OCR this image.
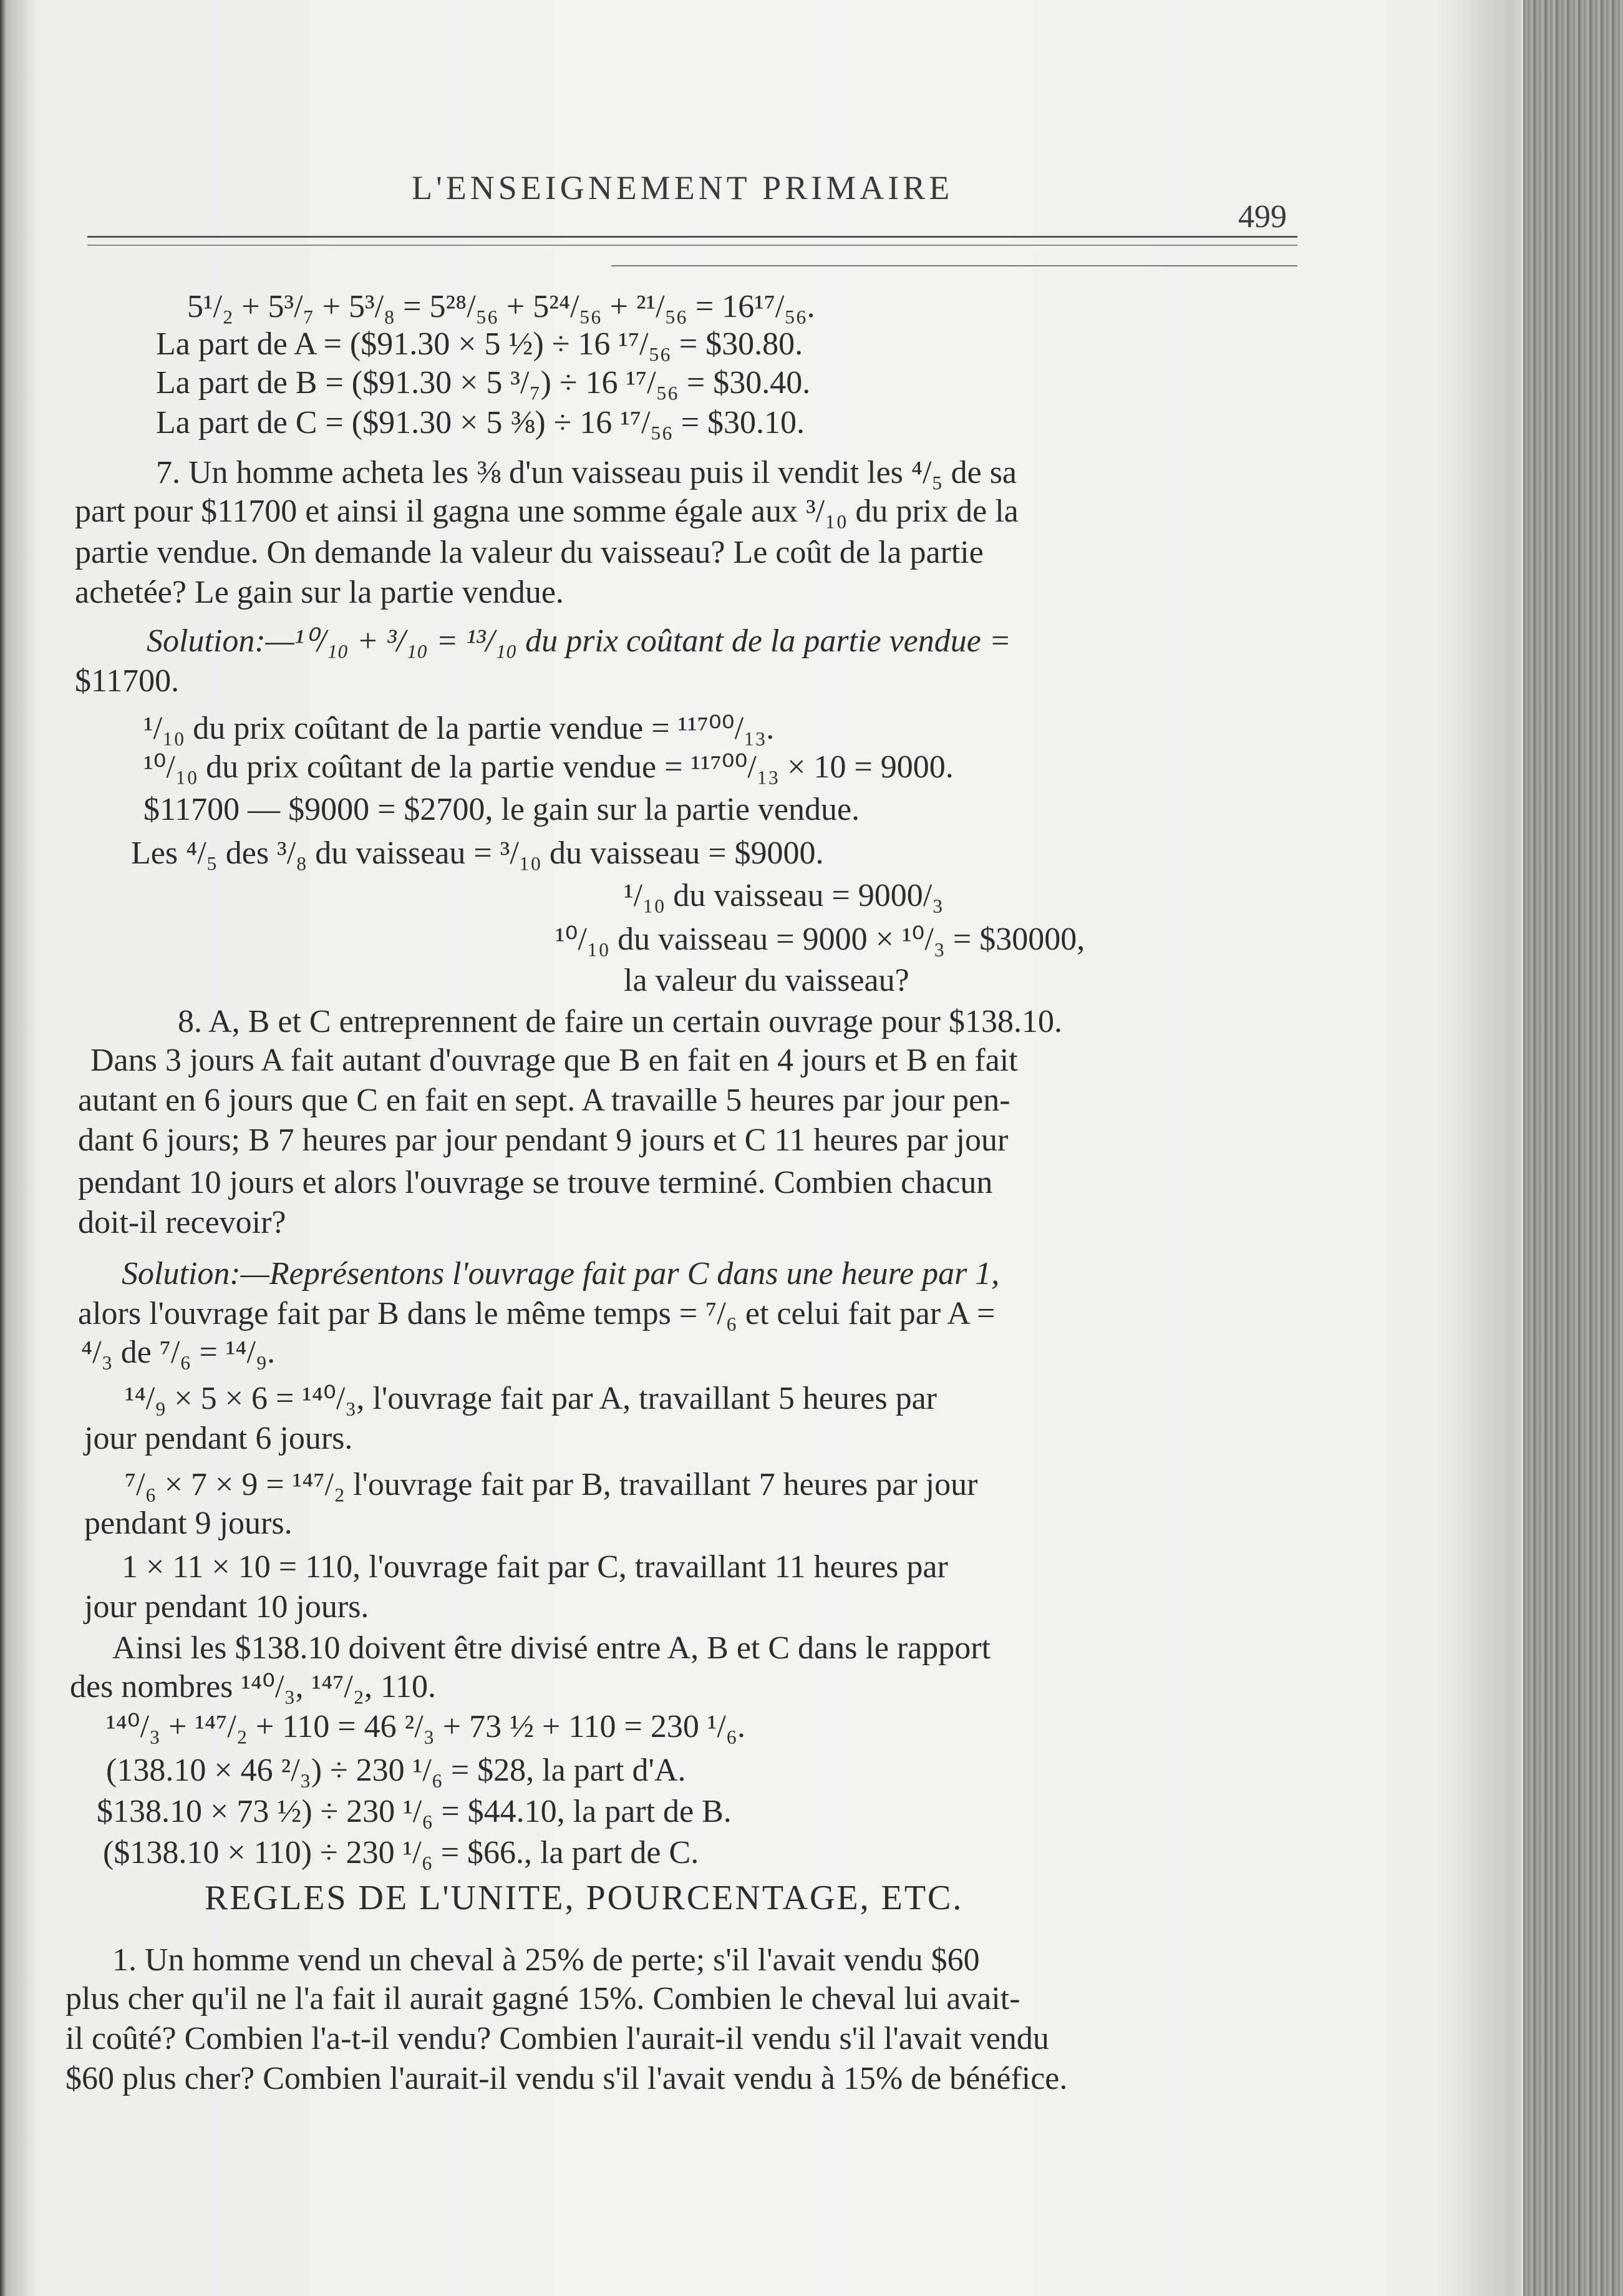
L'ENSEIGNEMENT PRIMAIRE
499
5¹/₂ + 5³/₇ + 5³/₈ = 5²⁸/₅₆ + 5²⁴/₅₆ + ²¹/₅₆ = 16¹⁷/₅₆.
La part de A = ($91.30 × 5 ½) ÷ 16 ¹⁷/₅₆ = $30.80.
La part de B = ($91.30 × 5 ³/₇) ÷ 16 ¹⁷/₅₆ = $30.40.
La part de C = ($91.30 × 5 ⅜) ÷ 16 ¹⁷/₅₆ = $30.10.
7. Un homme acheta les ⅜ d'un vaisseau puis il vendit les ⁴/₅ de sa
part pour $11700 et ainsi il gagna une somme égale aux ³/₁₀ du prix de la
partie vendue. On demande la valeur du vaisseau? Le coût de la partie
achetée? Le gain sur la partie vendue.
Solution:—¹⁰/₁₀ + ³/₁₀ = ¹³/₁₀ du prix coûtant de la partie vendue =
$11700.
¹/₁₀ du prix coûtant de la partie vendue = ¹¹⁷⁰⁰/₁₃.
¹⁰/₁₀ du prix coûtant de la partie vendue = ¹¹⁷⁰⁰/₁₃ × 10 = 9000.
$11700 — $9000 = $2700, le gain sur la partie vendue.
Les ⁴/₅ des ³/₈ du vaisseau = ³/₁₀ du vaisseau = $9000.
¹/₁₀ du vaisseau = 9000/₃
¹⁰/₁₀ du vaisseau = 9000 × ¹⁰/₃ = $30000,
la valeur du vaisseau?
8. A, B et C entreprennent de faire un certain ouvrage pour $138.10.
Dans 3 jours A fait autant d'ouvrage que B en fait en 4 jours et B en fait
autant en 6 jours que C en fait en sept. A travaille 5 heures par jour pen-
dant 6 jours; B 7 heures par jour pendant 9 jours et C 11 heures par jour
pendant 10 jours et alors l'ouvrage se trouve terminé. Combien chacun
doit-il recevoir?
Solution:—Représentons l'ouvrage fait par C dans une heure par 1,
alors l'ouvrage fait par B dans le même temps = ⁷/₆ et celui fait par A =
⁴/₃ de ⁷/₆ = ¹⁴/₉.
¹⁴/₉ × 5 × 6 = ¹⁴⁰/₃, l'ouvrage fait par A, travaillant 5 heures par
jour pendant 6 jours.
⁷/₆ × 7 × 9 = ¹⁴⁷/₂ l'ouvrage fait par B, travaillant 7 heures par jour
pendant 9 jours.
1 × 11 × 10 = 110, l'ouvrage fait par C, travaillant 11 heures par
jour pendant 10 jours.
Ainsi les $138.10 doivent être divisé entre A, B et C dans le rapport
des nombres ¹⁴⁰/₃, ¹⁴⁷/₂, 110.
¹⁴⁰/₃ + ¹⁴⁷/₂ + 110 = 46 ²/₃ + 73 ½ + 110 = 230 ¹/₆.
(138.10 × 46 ²/₃) ÷ 230 ¹/₆ = $28, la part d'A.
$138.10 × 73 ½) ÷ 230 ¹/₆ = $44.10, la part de B.
($138.10 × 110) ÷ 230 ¹/₆ = $66., la part de C.
REGLES DE L'UNITE, POURCENTAGE, ETC.
1. Un homme vend un cheval à 25% de perte; s'il l'avait vendu $60
plus cher qu'il ne l'a fait il aurait gagné 15%. Combien le cheval lui avait-
il coûté? Combien l'a-t-il vendu? Combien l'aurait-il vendu s'il l'avait vendu
$60 plus cher? Combien l'aurait-il vendu s'il l'avait vendu à 15% de bénéfice.
